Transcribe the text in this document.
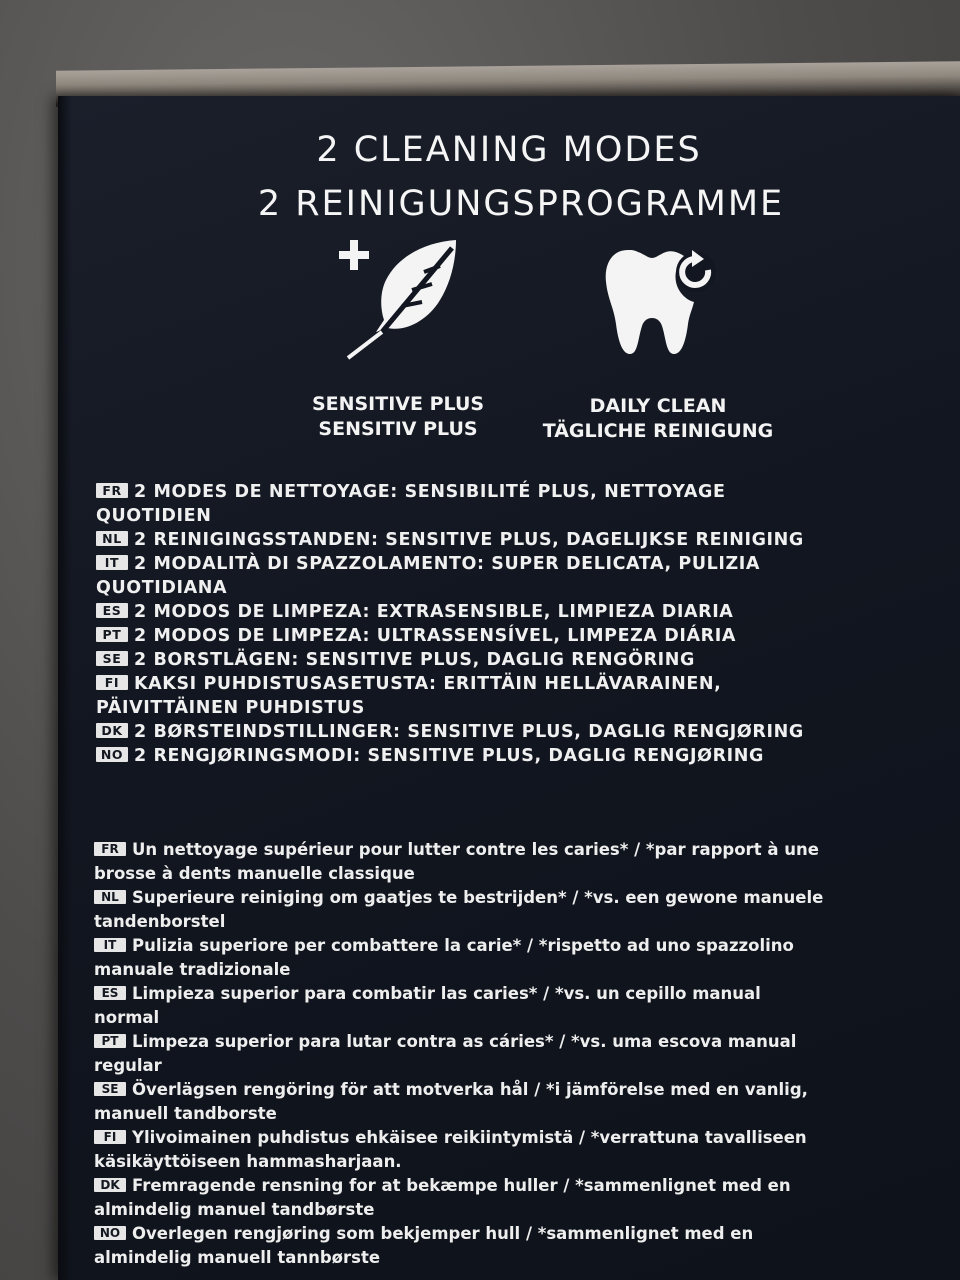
2 CLEANING MODES
2 REINIGUNGSPROGRAMME
SENSITIVE PLUS
SENSITIV PLUS
DAILY CLEAN
TÄGLICHE REINIGUNG
FR 2 MODES DE NETTOYAGE: SENSIBILITÉ PLUS, NETTOYAGE
QUOTIDIEN
NL 2 REINIGINGSSTANDEN: SENSITIVE PLUS, DAGELIJKSE REINIGING
IT 2 MODALITÀ DI SPAZZOLAMENTO: SUPER DELICATA, PULIZIA
QUOTIDIANA
ES 2 MODOS DE LIMPEZA: EXTRASENSIBLE, LIMPIEZA DIARIA
PT 2 MODOS DE LIMPEZA: ULTRASSENSÍVEL, LIMPEZA DIÁRIA
SE 2 BORSTLÄGEN: SENSITIVE PLUS, DAGLIG RENGÖRING
FI KAKSI PUHDISTUSASETUSTA: ERITTÄIN HELLÄVARAINEN,
PÄIVITTÄINEN PUHDISTUS
DK 2 BØRSTEINDSTILLINGER: SENSITIVE PLUS, DAGLIG RENGJØRING
NO 2 RENGJØRINGSMODI: SENSITIVE PLUS, DAGLIG RENGJØRING
FR Un nettoyage supérieur pour lutter contre les caries* / *par rapport à une
brosse à dents manuelle classique
NL Superieure reiniging om gaatjes te bestrijden* / *vs. een gewone manuele
tandenborstel
IT Pulizia superiore per combattere la carie* / *rispetto ad uno spazzolino
manuale tradizionale
ES Limpieza superior para combatir las caries* / *vs. un cepillo manual
normal
PT Limpeza superior para lutar contra as cáries* / *vs. uma escova manual
regular
SE Överlägsen rengöring för att motverka hål / *i jämförelse med en vanlig,
manuell tandborste
FI Ylivoimainen puhdistus ehkäisee reikiintymistä / *verrattuna tavalliseen
käsikäyttöiseen hammasharjaan.
DK Fremragende rensning for at bekæmpe huller / *sammenlignet med en
almindelig manuel tandbørste
NO Overlegen rengjøring som bekjemper hull / *sammenlignet med en
almindelig manuell tannbørste
